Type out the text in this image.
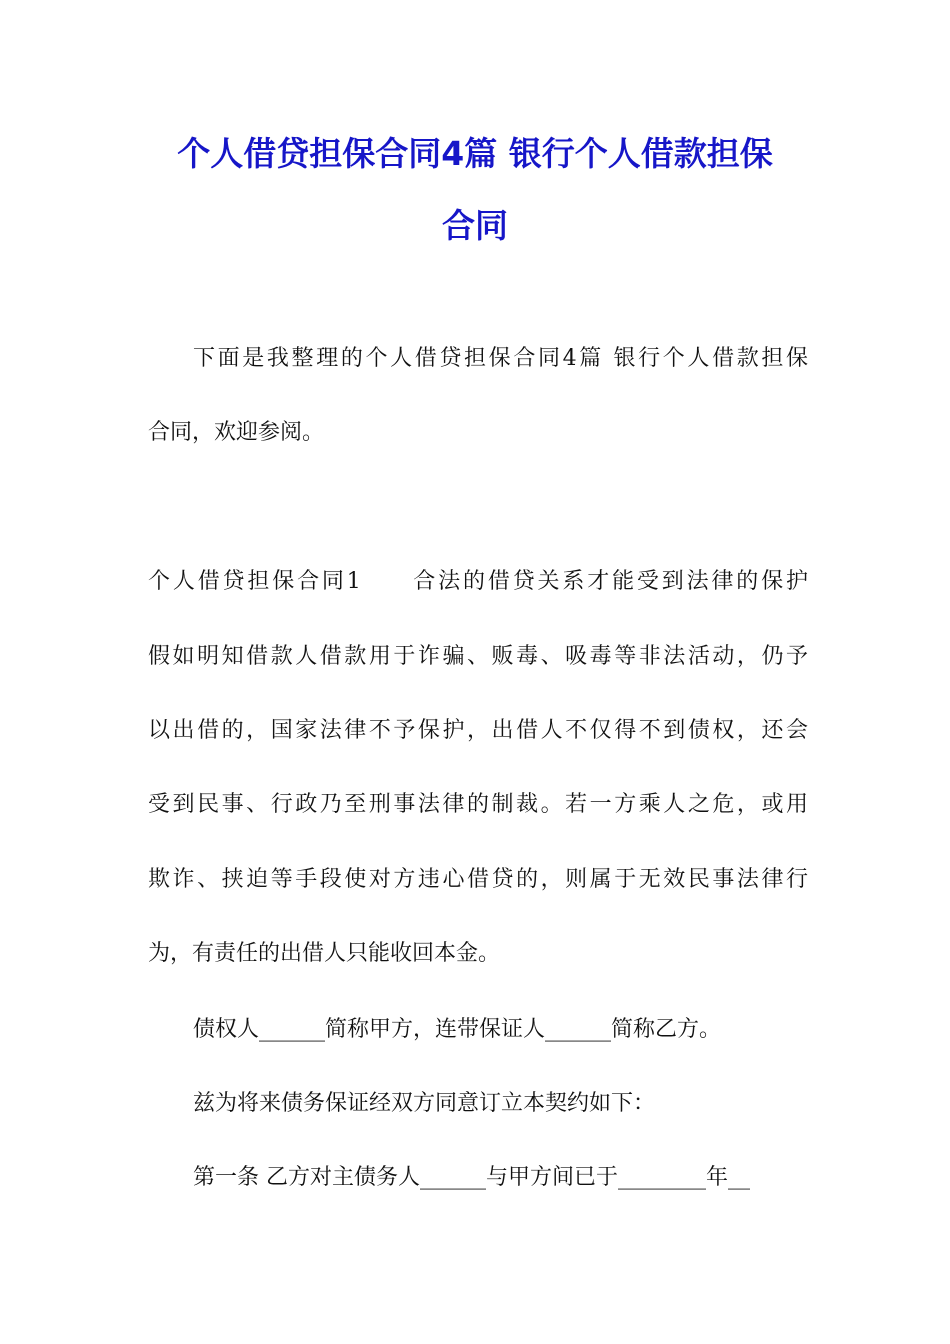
个人借贷担保合同4篇 银行个人借款担保
合同
下面是我整理的个人借贷担保合同4篇 银行个人借款担保
合同，欢迎参阅。
个人借贷担保合同1　　合法的借贷关系才能受到法律的保护
假如明知借款人借款用于诈骗、贩毒、吸毒等非法活动，仍予
以出借的，国家法律不予保护，出借人不仅得不到债权，还会
受到民事、行政乃至刑事法律的制裁。若一方乘人之危，或用
欺诈、挟迫等手段使对方违心借贷的，则属于无效民事法律行
为，有责任的出借人只能收回本金。
债权人______简称甲方，连带保证人______简称乙方。
兹为将来债务保证经双方同意订立本契约如下：
第一条 乙方对主债务人______与甲方间已于________年__
